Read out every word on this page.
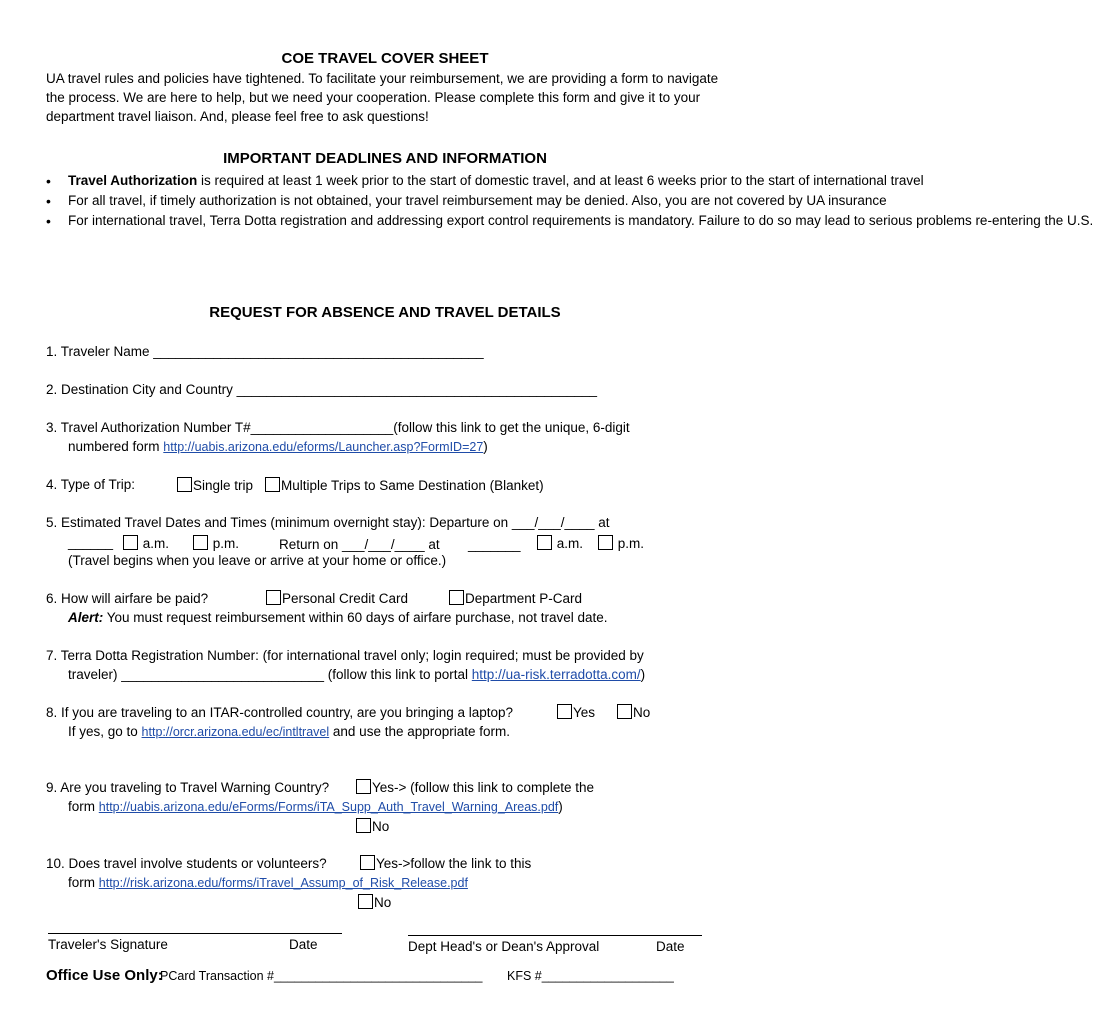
COE TRAVEL COVER SHEET
UA travel rules and policies have tightened. To facilitate your reimbursement, we are providing a form to navigate the process. We are here to help, but we need your cooperation. Please complete this form and give it to your department travel liaison. And, please feel free to ask questions!
IMPORTANT DEADLINES AND INFORMATION
• Travel Authorization is required at least 1 week prior to the start of domestic travel, and at least 6 weeks prior to the start of international travel
• For all travel, if timely authorization is not obtained, your travel reimbursement may be denied. Also, you are not covered by UA insurance
• For international travel, Terra Dotta registration and addressing export control requirements is mandatory. Failure to do so may lead to serious problems re-entering the U.S.
REQUEST FOR ABSENCE AND TRAVEL DETAILS
1. Traveler Name ____________________________________________
2. Destination City and Country ________________________________________________
3. Travel Authorization Number T#___________________(follow this link to get the unique, 6-digit
numbered form http://uabis.arizona.edu/eforms/Launcher.asp?FormID=27)
4. Type of Trip:	Single trip	Multiple Trips to Same Destination (Blanket)
5. Estimated Travel Dates and Times (minimum overnight stay): Departure on ___/___/____ at
______	a.m.	p.m.	Return on ___/___/____ at _______	a.m.	p.m.
(Travel begins when you leave or arrive at your home or office.)
6. How will airfare be paid?	Personal Credit Card	Department P-Card
Alert: You must request reimbursement within 60 days of airfare purchase, not travel date.
7. Terra Dotta Registration Number: (for international travel only; login required; must be provided by
traveler) ___________________________ (follow this link to portal http://ua-risk.terradotta.com/)
8. If you are traveling to an ITAR-controlled country, are you bringing a laptop?	Yes	No
If yes, go to http://orcr.arizona.edu/ec/intltravel and use the appropriate form.
9. Are you traveling to Travel Warning Country?	Yes-> (follow this link to complete the
form http://uabis.arizona.edu/eForms/Forms/iTA_Supp_Auth_Travel_Warning_Areas.pdf)
No
10. Does travel involve students or volunteers?	Yes->follow the link to this
form http://risk.arizona.edu/forms/iTravel_Assump_of_Risk_Release.pdf
No
Traveler's Signature	Date	Dept Head's or Dean's Approval	Date
Office Use Only:
PCard Transaction #______________________________ KFS #___________________
